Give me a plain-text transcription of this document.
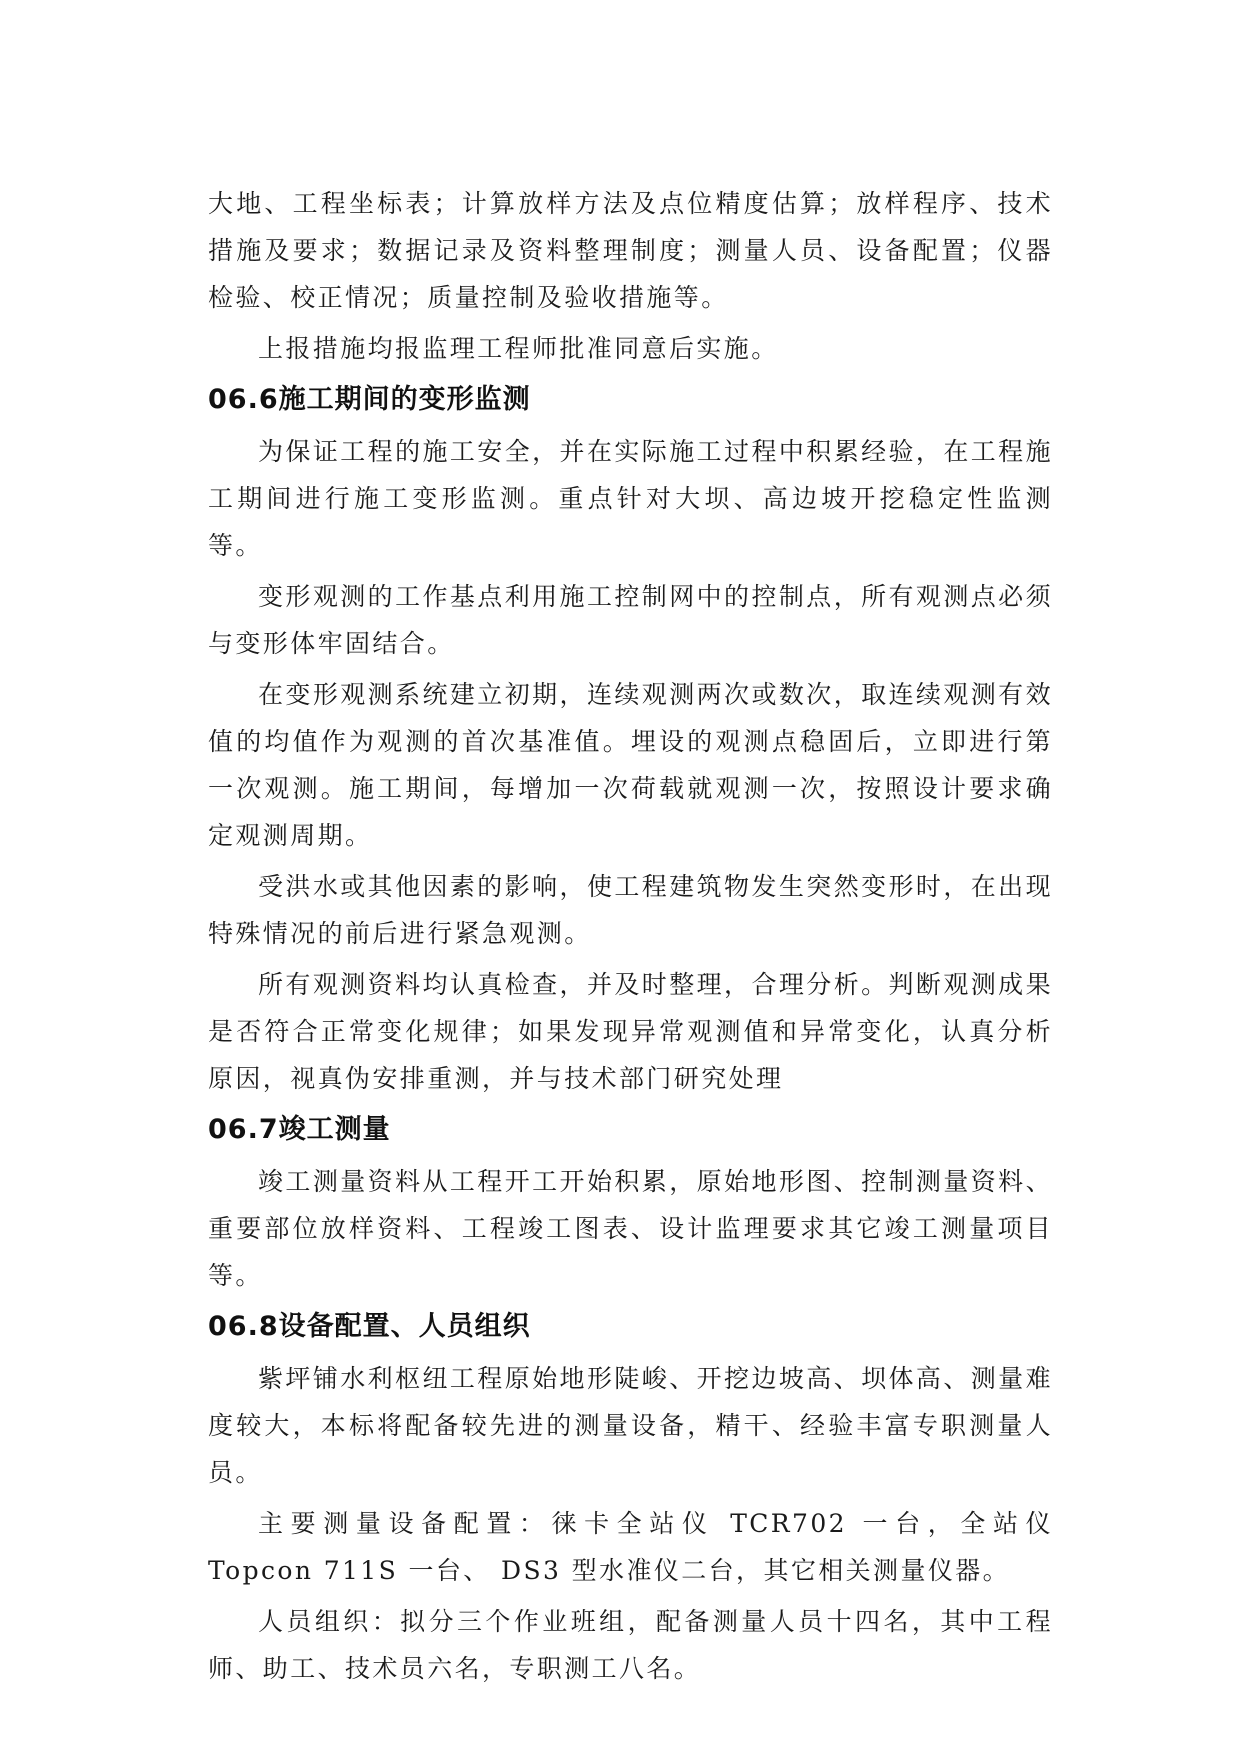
大地、工程坐标表；计算放样方法及点位精度估算；放样程序、技术措施及要求；数据记录及资料整理制度；测量人员、设备配置；仪器检验、校正情况；质量控制及验收措施等。

上报措施均报监理工程师批准同意后实施。

06.6施工期间的变形监测

为保证工程的施工安全，并在实际施工过程中积累经验，在工程施工期间进行施工变形监测。重点针对大坝、高边坡开挖稳定性监测等。

变形观测的工作基点利用施工控制网中的控制点，所有观测点必须与变形体牢固结合。

在变形观测系统建立初期，连续观测两次或数次，取连续观测有效值的均值作为观测的首次基准值。埋设的观测点稳固后，立即进行第一次观测。施工期间，每增加一次荷载就观测一次，按照设计要求确定观测周期。

受洪水或其他因素的影响，使工程建筑物发生突然变形时，在出现特殊情况的前后进行紧急观测。

所有观测资料均认真检查，并及时整理，合理分析。判断观测成果是否符合正常变化规律；如果发现异常观测值和异常变化，认真分析原因，视真伪安排重测，并与技术部门研究处理

06.7竣工测量

竣工测量资料从工程开工开始积累，原始地形图、控制测量资料、重要部位放样资料、工程竣工图表、设计监理要求其它竣工测量项目等。

06.8设备配置、人员组织

紫坪铺水利枢纽工程原始地形陡峻、开挖边坡高、坝体高、测量难度较大，本标将配备较先进的测量设备，精干、经验丰富专职测量人员。

主要测量设备配置：徕卡全站仪 TCR702 一台，全站仪 Topcon 711S 一台、 DS3 型水准仪二台，其它相关测量仪器。

人员组织：拟分三个作业班组，配备测量人员十四名，其中工程师、助工、技术员六名，专职测工八名。
